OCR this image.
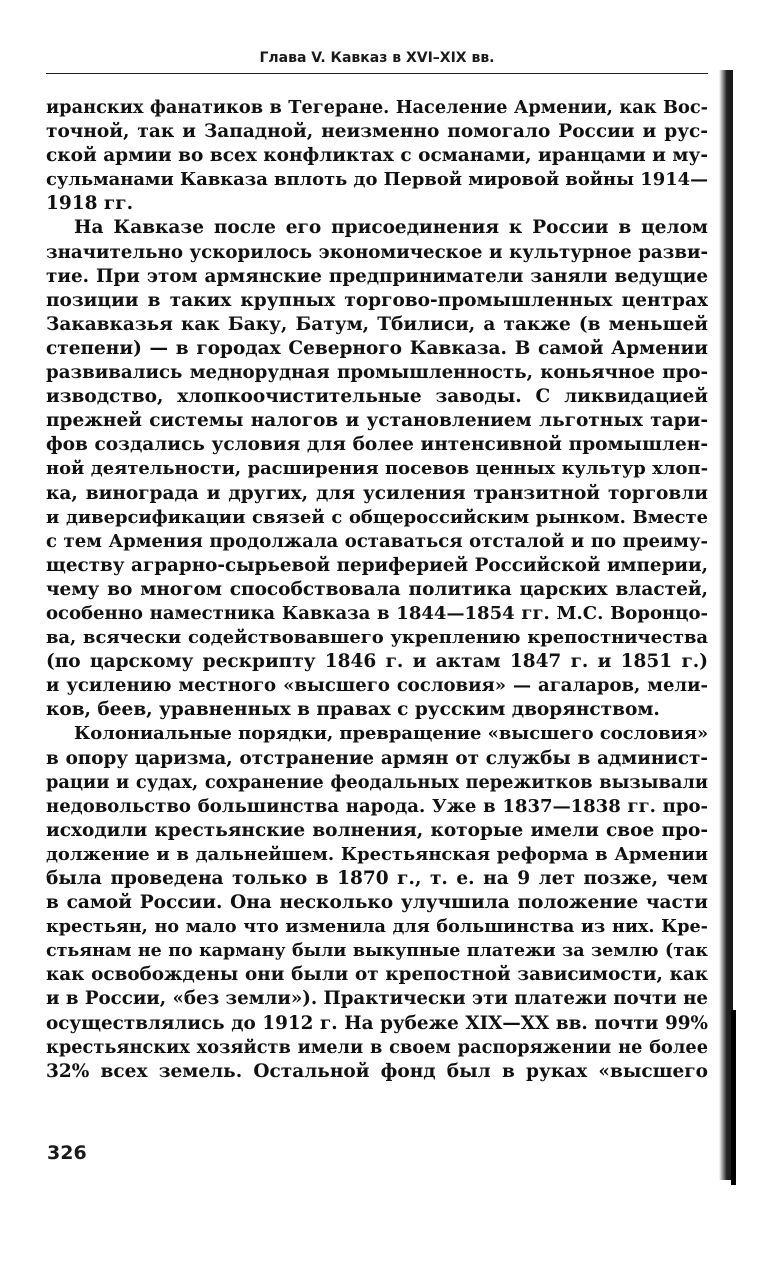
Глава V. Кавказ в XVI–XIX вв.
иранских фанатиков в Тегеране. Население Армении, как Вос-
точной, так и Западной, неизменно помогало России и рус-
ской армии во всех конфликтах с османами, иранцами и му-
сульманами Кавказа вплоть до Первой мировой войны 1914—
1918 гг.
На Кавказе после его присоединения к России в целом
значительно ускорилось экономическое и культурное разви-
тие. При этом армянские предприниматели заняли ведущие
позиции в таких крупных торгово-промышленных центрах
Закавказья как Баку, Батум, Тбилиси, а также (в меньшей
степени) — в городах Северного Кавказа. В самой Армении
развивались меднорудная промышленность, коньячное про-
изводство, хлопкоочистительные заводы. С ликвидацией
прежней системы налогов и установлением льготных тари-
фов создались условия для более интенсивной промышлен-
ной деятельности, расширения посевов ценных культур хлоп-
ка, винограда и других, для усиления транзитной торговли
и диверсификации связей с общероссийским рынком. Вместе
с тем Армения продолжала оставаться отсталой и по преиму-
ществу аграрно-сырьевой периферией Российской империи,
чему во многом способствовала политика царских властей,
особенно наместника Кавказа в 1844—1854 гг. М.С. Воронцо-
ва, всячески содействовавшего укреплению крепостничества
(по царскому рескрипту 1846 г. и актам 1847 г. и 1851 г.)
и усилению местного «высшего сословия» — агаларов, мели-
ков, беев, уравненных в правах с русским дворянством.
Колониальные порядки, превращение «высшего сословия»
в опору царизма, отстранение армян от службы в админист-
рации и судах, сохранение феодальных пережитков вызывали
недовольство большинства народа. Уже в 1837—1838 гг. про-
исходили крестьянские волнения, которые имели свое про-
должение и в дальнейшем. Крестьянская реформа в Армении
была проведена только в 1870 г., т. е. на 9 лет позже, чем
в самой России. Она несколько улучшила положение части
крестьян, но мало что изменила для большинства из них. Кре-
стьянам не по карману были выкупные платежи за землю (так
как освобождены они были от крепостной зависимости, как
и в России, «без земли»). Практически эти платежи почти не
осуществлялись до 1912 г. На рубеже XIX—XX вв. почти 99%
крестьянских хозяйств имели в своем распоряжении не более
32% всех земель. Остальной фонд был в руках «высшего
326
